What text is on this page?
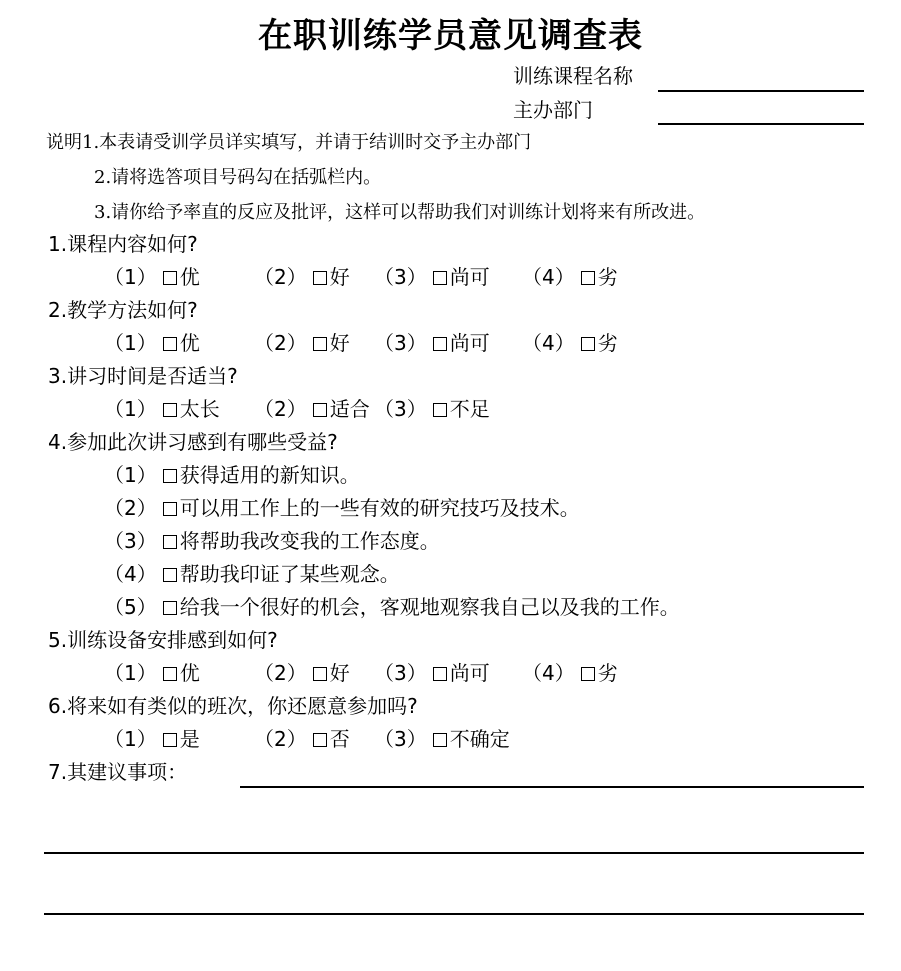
在职训练学员意见调查表
训练课程名称
主办部门
说明1.本表请受训学员详实填写，并请于结训时交予主办部门
2.请将选答项目号码勾在括弧栏内。
3.请你给予率直的反应及批评，这样可以帮助我们对训练计划将来有所改进。
1.课程内容如何?
（1） 优	（2） 好 （3） 尚可 （4） 劣
2.教学方法如何?
（1） 优	（2） 好 （3） 尚可 （4） 劣
3.讲习时间是否适当?
（1） 太长 （2） 适合 （3） 不足
4.参加此次讲习感到有哪些受益?
（1） 获得适用的新知识。
（2） 可以用工作上的一些有效的研究技巧及技术。
（3） 将帮助我改变我的工作态度。
（4） 帮助我印证了某些观念。
（5） 给我一个很好的机会，客观地观察我自己以及我的工作。
5.训练设备安排感到如何?
（1） 优	（2） 好 （3） 尚可 （4） 劣
6.将来如有类似的班次，你还愿意参加吗?
（1） 是	（2） 否 （3） 不确定
7.其建议事项：
